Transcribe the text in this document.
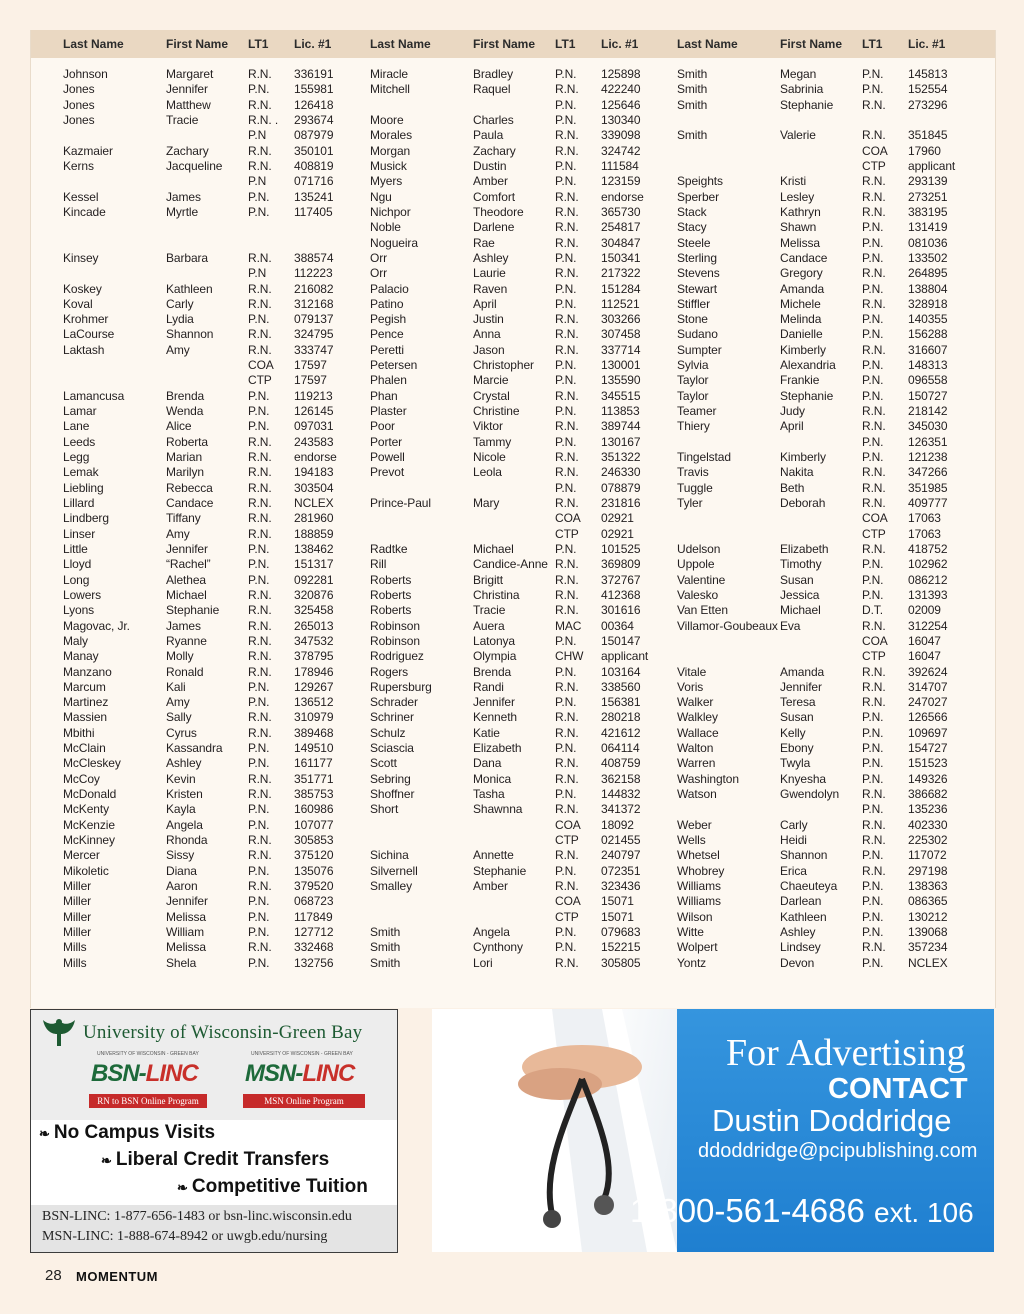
Last Name	First Name LT1 Lic. #1	Last Name	First Name LT1 Lic. #1	Last Name	First Name LT1 Lic. #1
Johnson	Margaret	R.N. 336191
Jones	Jennifer	P.N. 155981
Jones	Matthew	R.N. 126418
Jones	Tracie	R.N. . 293674
P.N 087979
Kazmaier	Zachary	R.N. 350101
Kerns	Jacqueline R.N. 408819
P.N 071716
Kessel	James	P.N. 135241
Kincade	Myrtle	P.N. 117405
Kinsey	Barbara	R.N. 388574
P.N 112223
Koskey	Kathleen	R.N. 216082
Koval	Carly	R.N. 312168
Krohmer	Lydia	P.N. 079137
LaCourse	Shannon	R.N. 324795
Laktash	Amy	R.N. 333747
COA 17597
CTP 17597
Lamancusa	Brenda	P.N. 119213
Lamar	Wenda	P.N. 126145
Lane	Alice	P.N. 097031
Leeds	Roberta	R.N. 243583
Legg	Marian	R.N. endorse
Lemak	Marilyn	R.N. 194183
Liebling	Rebecca	R.N. 303504
Lillard	Candace	R.N. NCLEX
Lindberg	Tiffany	R.N. 281960
Linser	Amy	R.N. 188859
Little	Jennifer	P.N. 138462
Lloyd	“Rachel”	P.N. 151317
Long	Alethea	P.N. 092281
Lowers	Michael	R.N. 320876
Lyons	Stephanie R.N. 325458
Magovac, Jr.	James	R.N. 265013
Maly	Ryanne	R.N. 347532
Manay	Molly	R.N. 378795
Manzano	Ronald	R.N. 178946
Marcum	Kali	P.N. 129267
Martinez	Amy	P.N. 136512
Massien	Sally	R.N. 310979
Mbithi	Cyrus	R.N. 389468
McClain	Kassandra P.N. 149510
McCleskey	Ashley	P.N. 161177
McCoy	Kevin	R.N. 351771
McDonald	Kristen	R.N. 385753
McKenty	Kayla	P.N. 160986
McKenzie	Angela	P.N. 107077
McKinney	Rhonda	R.N. 305853
Mercer	Sissy	R.N. 375120
Mikoletic	Diana	P.N. 135076
Miller	Aaron	R.N. 379520
Miller	Jennifer	P.N. 068723
Miller	Melissa	P.N. 117849
Miller	William	P.N. 127712
Mills	Melissa	R.N. 332468
Mills	Shela	P.N. 132756
Miracle	Bradley	P.N. 125898
Mitchell	Raquel	R.N. 422240
P.N. 125646
Moore	Charles	P.N. 130340
Morales	Paula	R.N. 339098
Morgan	Zachary	R.N. 324742
Musick	Dustin	P.N. 111584
Myers	Amber	P.N. 123159
Ngu	Comfort	R.N. endorse
Nichpor	Theodore	R.N. 365730
Noble	Darlene	R.N. 254817
Nogueira	Rae	R.N. 304847
Orr	Ashley	P.N. 150341
Orr	Laurie	R.N. 217322
Palacio	Raven	P.N. 151284
Patino	April	P.N. 112521
Pegish	Justin	R.N. 303266
Pence	Anna	R.N. 307458
Peretti	Jason	R.N. 337714
Petersen	Christopher P.N. 130001
Phalen	Marcie	P.N. 135590
Phan	Crystal	R.N. 345515
Plaster	Christine	P.N. 113853
Poor	Viktor	R.N. 389744
Porter	Tammy	P.N. 130167
Powell	Nicole	R.N. 351322
Prevot	Leola	R.N. 246330
P.N. 078879
Prince-Paul	Mary	R.N. 231816
COA 02921
CTP 02921
Radtke	Michael	P.N. 101525
Rill	Candice-Anne R.N. 369809
Roberts	Brigitt	R.N. 372767
Roberts	Christina	R.N. 412368
Roberts	Tracie	R.N. 301616
Robinson	Auera	MAC 00364
Robinson	Latonya	P.N. 150147
Rodriguez	Olympia	CHW applicant
Rogers	Brenda	P.N. 103164
Rupersburg	Randi	R.N. 338560
Schrader	Jennifer	P.N. 156381
Schriner	Kenneth	R.N. 280218
Schulz	Katie	R.N. 421612
Sciascia	Elizabeth	P.N. 064114
Scott	Dana	R.N. 408759
Sebring	Monica	R.N. 362158
Shoffner	Tasha	P.N. 144832
Short	Shawnna	R.N. 341372
COA 18092
CTP 021455
Sichina	Annette	R.N. 240797
Silvernell	Stephanie P.N. 072351
Smalley	Amber	R.N. 323436
COA 15071
CTP 15071
Smith	Angela	P.N. 079683
Smith	Cynthony	P.N. 152215
Smith	Lori	R.N. 305805
Smith	Megan	P.N. 145813
Smith	Sabrinia	P.N. 152554
Smith	Stephanie R.N. 273296
Smith	Valerie	R.N. 351845
COA 17960
CTP applicant
Speights	Kristi	R.N. 293139
Sperber	Lesley	R.N. 273251
Stack	Kathryn	R.N. 383195
Stacy	Shawn	P.N. 131419
Steele	Melissa	P.N. 081036
Sterling	Candace	P.N. 133502
Stevens	Gregory	R.N. 264895
Stewart	Amanda	P.N. 138804
Stiffler	Michele	R.N. 328918
Stone	Melinda	P.N. 140355
Sudano	Danielle	P.N. 156288
Sumpter	Kimberly	R.N. 316607
Sylvia	Alexandria P.N. 148313
Taylor	Frankie	P.N. 096558
Taylor	Stephanie P.N. 150727
Teamer	Judy	R.N. 218142
Thiery	April	R.N. 345030
P.N. 126351
Tingelstad	Kimberly	P.N. 121238
Travis	Nakita	R.N. 347266
Tuggle	Beth	R.N. 351985
Tyler	Deborah	R.N. 409777
COA 17063
CTP 17063
Udelson	Elizabeth	R.N. 418752
Uppole	Timothy	P.N. 102962
Valentine	Susan	P.N. 086212
Valesko	Jessica	P.N. 131393
Van Etten	Michael	D.T. 02009
Villamor-Goubeaux Eva	R.N. 312254
COA 16047
CTP 16047
Vitale	Amanda	R.N. 392624
Voris	Jennifer	R.N. 314707
Walker	Teresa	R.N. 247027
Walkley	Susan	P.N. 126566
Wallace	Kelly	P.N. 109697
Walton	Ebony	P.N. 154727
Warren	Twyla	P.N. 151523
Washington	Knyesha	P.N. 149326
Watson	Gwendolyn R.N. 386682
P.N. 135236
Weber	Carly	R.N. 402330
Wells	Heidi	R.N. 225302
Whetsel	Shannon	P.N. 117072
Whobrey	Erica	R.N. 297198
Williams	Chaeuteya P.N. 138363
Williams	Darlean	P.N. 086365
Wilson	Kathleen	P.N. 130212
Witte	Ashley	P.N. 139068
Wolpert	Lindsey	R.N. 357234
Yontz	Devon	P.N. NCLEX
University of Wisconsin-Green Bay
UNIVERSITY OF WISCONSIN - GREEN BAY	UNIVERSITY OF WISCONSIN - GREEN BAY
BSN-LINC MSN-LINC
RN to BSN Online Program	MSN Online Program
❧ No Campus Visits
❧ Liberal Credit Transfers
❧ Competitive Tuition
BSN-LINC: 1-877-656-1483 or bsn-linc.wisconsin.edu
MSN-LINC: 1-888-674-8942 or uwgb.edu/nursing
For Advertising
CONTACT
Dustin Doddridge
ddoddridge@pcipublishing.com
1-800-561-4686 ext. 106
28 MOMENTUM
